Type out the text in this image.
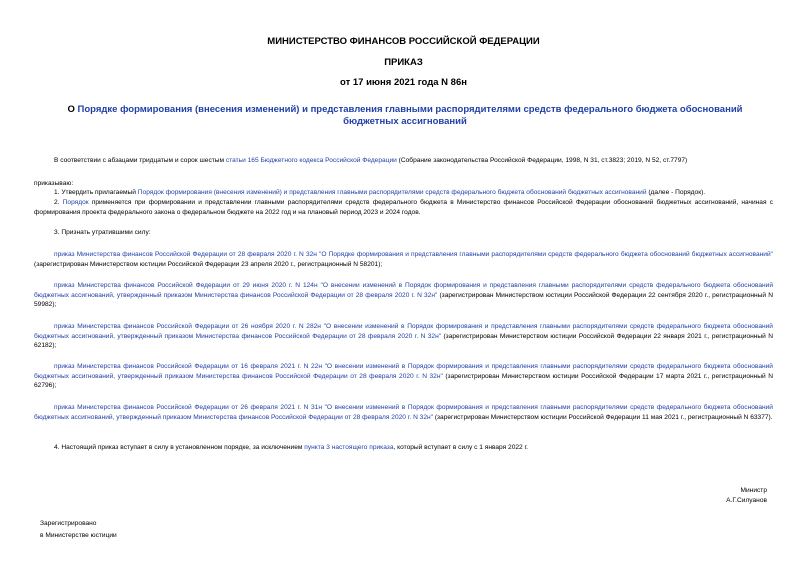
МИНИСТЕРСТВО ФИНАНСОВ РОССИЙСКОЙ ФЕДЕРАЦИИ
ПРИКАЗ
от 17 июня 2021 года N 86н
О Порядке формирования (внесения изменений) и представления главными распорядителями средств федерального бюджета обоснований бюджетных ассигнований
В соответствии с абзацами тридцатым и сорок шестым статьи 165 Бюджетного кодекса Российской Федерации (Собрание законодательства Российской Федерации, 1998, N 31, ст.3823; 2019, N 52, ст.7797)
приказываю:
1. Утвердить прилагаемый Порядок формирования (внесения изменений) и представления главными распорядителями средств федерального бюджета обоснований бюджетных ассигнований (далее - Порядок).
2. Порядок применяется при формировании и представлении главными распорядителями средств федерального бюджета в Министерство финансов Российской Федерации обоснований бюджетных ассигнований, начиная с формирования проекта федерального закона о федеральном бюджете на 2022 год и на плановый период 2023 и 2024 годов.
3. Признать утратившими силу:
приказ Министерства финансов Российской Федерации от 28 февраля 2020 г. N 32н "О Порядке формирования и представления главными распорядителями средств федерального бюджета обоснований бюджетных ассигнований" (зарегистрирован Министерством юстиции Российской Федерации 23 апреля 2020 г., регистрационный N 58201);
приказ Министерства финансов Российской Федерации от 29 июня 2020 г. N 124н "О внесении изменений в Порядок формирования и представления главными распорядителями средств федерального бюджета обоснований бюджетных ассигнований, утвержденный приказом Министерства финансов Российской Федерации от 28 февраля 2020 г. N 32н" (зарегистрирован Министерством юстиции Российской Федерации 22 сентября 2020 г., регистрационный N 59982);
приказ Министерства финансов Российской Федерации от 26 ноября 2020 г. N 282н "О внесении изменений в Порядок формирования и представления главными распорядителями средств федерального бюджета обоснований бюджетных ассигнований, утвержденный приказом Министерства финансов Российской Федерации от 28 февраля 2020 г. N 32н" (зарегистрирован Министерством юстиции Российской Федерации 22 января 2021 г., регистрационный N 62182);
приказ Министерства финансов Российской Федерации от 16 февраля 2021 г. N 22н "О внесении изменений в Порядок формирования и представления главными распорядителями средств федерального бюджета обоснований бюджетных ассигнований, утвержденный приказом Министерства финансов Российской Федерации от 28 февраля 2020 г. N 32н" (зарегистрирован Министерством юстиции Российской Федерации 17 марта 2021 г., регистрационный N 62796);
приказ Министерства финансов Российской Федерации от 26 февраля 2021 г. N 31н "О внесении изменений в Порядок формирования и представления главными распорядителями средств федерального бюджета обоснований бюджетных ассигнований, утвержденный приказом Министерства финансов Российской Федерации от 28 февраля 2020 г. N 32н" (зарегистрирован Министерством юстиции Российской Федерации 11 мая 2021 г., регистрационный N 63377).
4. Настоящий приказ вступает в силу в установленном порядке, за исключением пункта 3 настоящего приказа, который вступает в силу с 1 января 2022 г.
Министр
А.Г.Силуанов
Зарегистрировано
в Министерстве юстиции
